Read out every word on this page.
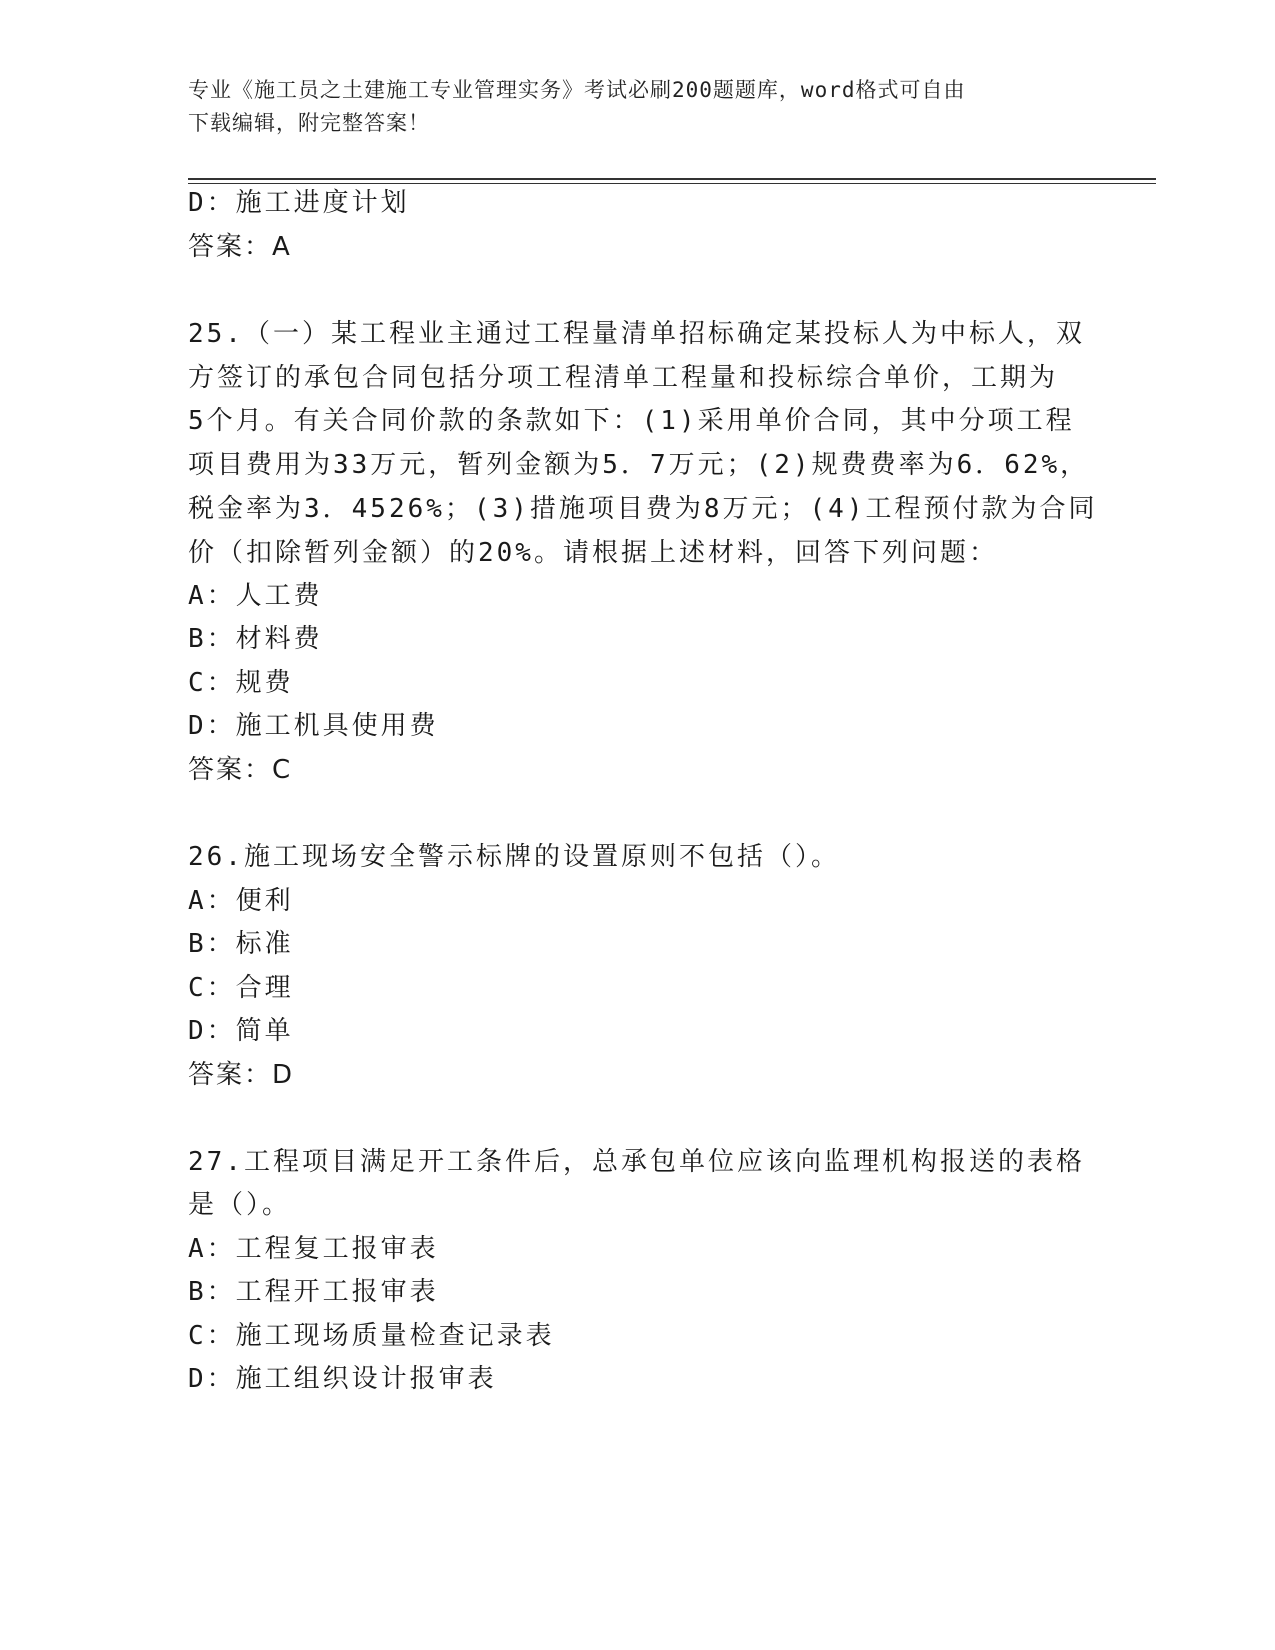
专业《施工员之土建施工专业管理实务》考试必刷200题题库，word格式可自由
下载编辑，附完整答案！
D：施工进度计划
答案：A
25.（一）某工程业主通过工程量清单招标确定某投标人为中标人，双
方签订的承包合同包括分项工程清单工程量和投标综合单价，工期为
5个月。有关合同价款的条款如下：(1)采用单价合同，其中分项工程
项目费用为33万元，暂列金额为5．7万元；(2)规费费率为6．62%，
税金率为3．4526%；(3)措施项目费为8万元；(4)工程预付款为合同
价（扣除暂列金额）的20%。请根据上述材料，回答下列问题：
A：人工费
B：材料费
C：规费
D：施工机具使用费
答案：C
26.施工现场安全警示标牌的设置原则不包括（）。
A：便利
B：标准
C：合理
D：简单
答案：D
27.工程项目满足开工条件后，总承包单位应该向监理机构报送的表格
是（）。
A：工程复工报审表
B：工程开工报审表
C：施工现场质量检查记录表
D：施工组织设计报审表
